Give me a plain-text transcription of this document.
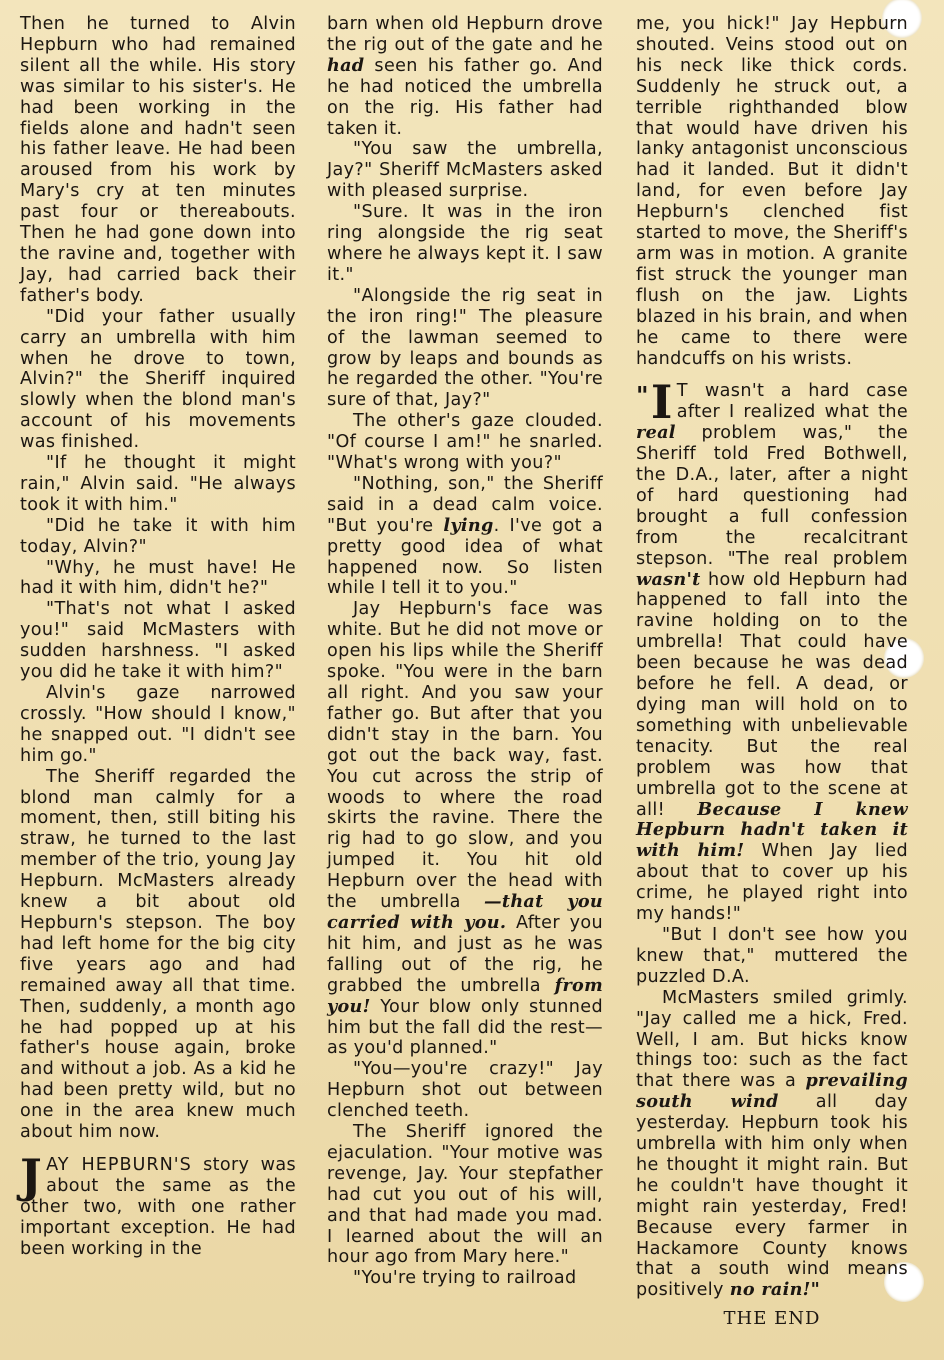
Then he turned to Alvin Hepburn who had remained silent all the while. His story was similar to his sister's. He had been working in the fields alone and hadn't seen his father leave. He had been aroused from his work by Mary's cry at ten minutes past four or thereabouts. Then he had gone down into the ravine and, together with Jay, had carried back their father's body.

"Did your father usually carry an umbrella with him when he drove to town, Alvin?" the Sheriff inquired slowly when the blond man's account of his movements was finished.

"If he thought it might rain," Alvin said. "He always took it with him."

"Did he take it with him today, Alvin?"

"Why, he must have! He had it with him, didn't he?"

"That's not what I asked you!" said McMasters with sudden harshness. "I asked you did he take it with him?"

Alvin's gaze narrowed crossly. "How should I know," he snapped out. "I didn't see him go."

The Sheriff regarded the blond man calmly for a moment, then, still biting his straw, he turned to the last member of the trio, young Jay Hepburn. McMasters already knew a bit about old Hepburn's stepson. The boy had left home for the big city five years ago and had remained away all that time. Then, suddenly, a month ago he had popped up at his father's house again, broke and without a job. As a kid he had been pretty wild, but no one in the area knew much about him now.

JAY HEPBURN'S story was about the same as the other two, with one rather important exception. He had been working in the

barn when old Hepburn drove the rig out of the gate and he had seen his father go. And he had noticed the umbrella on the rig. His father had taken it.

"You saw the umbrella, Jay?" Sheriff McMasters asked with pleased surprise.

"Sure. It was in the iron ring alongside the rig seat where he always kept it. I saw it."

"Alongside the rig seat in the iron ring!" The pleasure of the lawman seemed to grow by leaps and bounds as he regarded the other. "You're sure of that, Jay?"

The other's gaze clouded. "Of course I am!" he snarled. "What's wrong with you?"

"Nothing, son," the Sheriff said in a dead calm voice. "But you're lying. I've got a pretty good idea of what happened now. So listen while I tell it to you."

Jay Hepburn's face was white. But he did not move or open his lips while the Sheriff spoke. "You were in the barn all right. And you saw your father go. But after that you didn't stay in the barn. You got out the back way, fast. You cut across the strip of woods to where the road skirts the ravine. There the rig had to go slow, and you jumped it. You hit old Hepburn over the head with the umbrella —that you carried with you. After you hit him, and just as he was falling out of the rig, he grabbed the umbrella from you! Your blow only stunned him but the fall did the rest—as you'd planned."

"You—you're crazy!" Jay Hepburn shot out between clenched teeth.

The Sheriff ignored the ejaculation. "Your motive was revenge, Jay. Your stepfather had cut you out of his will, and that had made you mad. I learned about the will an hour ago from Mary here."

"You're trying to railroad

me, you hick!" Jay Hepburn shouted. Veins stood out on his neck like thick cords. Suddenly he struck out, a terrible righthanded blow that would have driven his lanky antagonist unconscious had it landed. But it didn't land, for even before Jay Hepburn's clenched fist started to move, the Sheriff's arm was in motion. A granite fist struck the younger man flush on the jaw. Lights blazed in his brain, and when he came to there were handcuffs on his wrists.

" I T wasn't a hard case after I realized what the real problem was," the Sheriff told Fred Bothwell, the D.A., later, after a night of hard questioning had brought a full confession from the recalcitrant stepson. "The real problem wasn't how old Hepburn had happened to fall into the ravine holding on to the umbrella! That could have been because he was dead before he fell. A dead, or dying man will hold on to something with unbelievable tenacity. But the real problem was how that umbrella got to the scene at all! Because I knew Hepburn hadn't taken it with him! When Jay lied about that to cover up his crime, he played right into my hands!"

"But I don't see how you knew that," muttered the puzzled D.A.

McMasters smiled grimly. "Jay called me a hick, Fred. Well, I am. But hicks know things too: such as the fact that there was a prevailing south wind all day yesterday. Hepburn took his umbrella with him only when he thought it might rain. But he couldn't have thought it might rain yesterday, Fred! Because every farmer in Hackamore County knows that a south wind means positively no rain!"

THE END
